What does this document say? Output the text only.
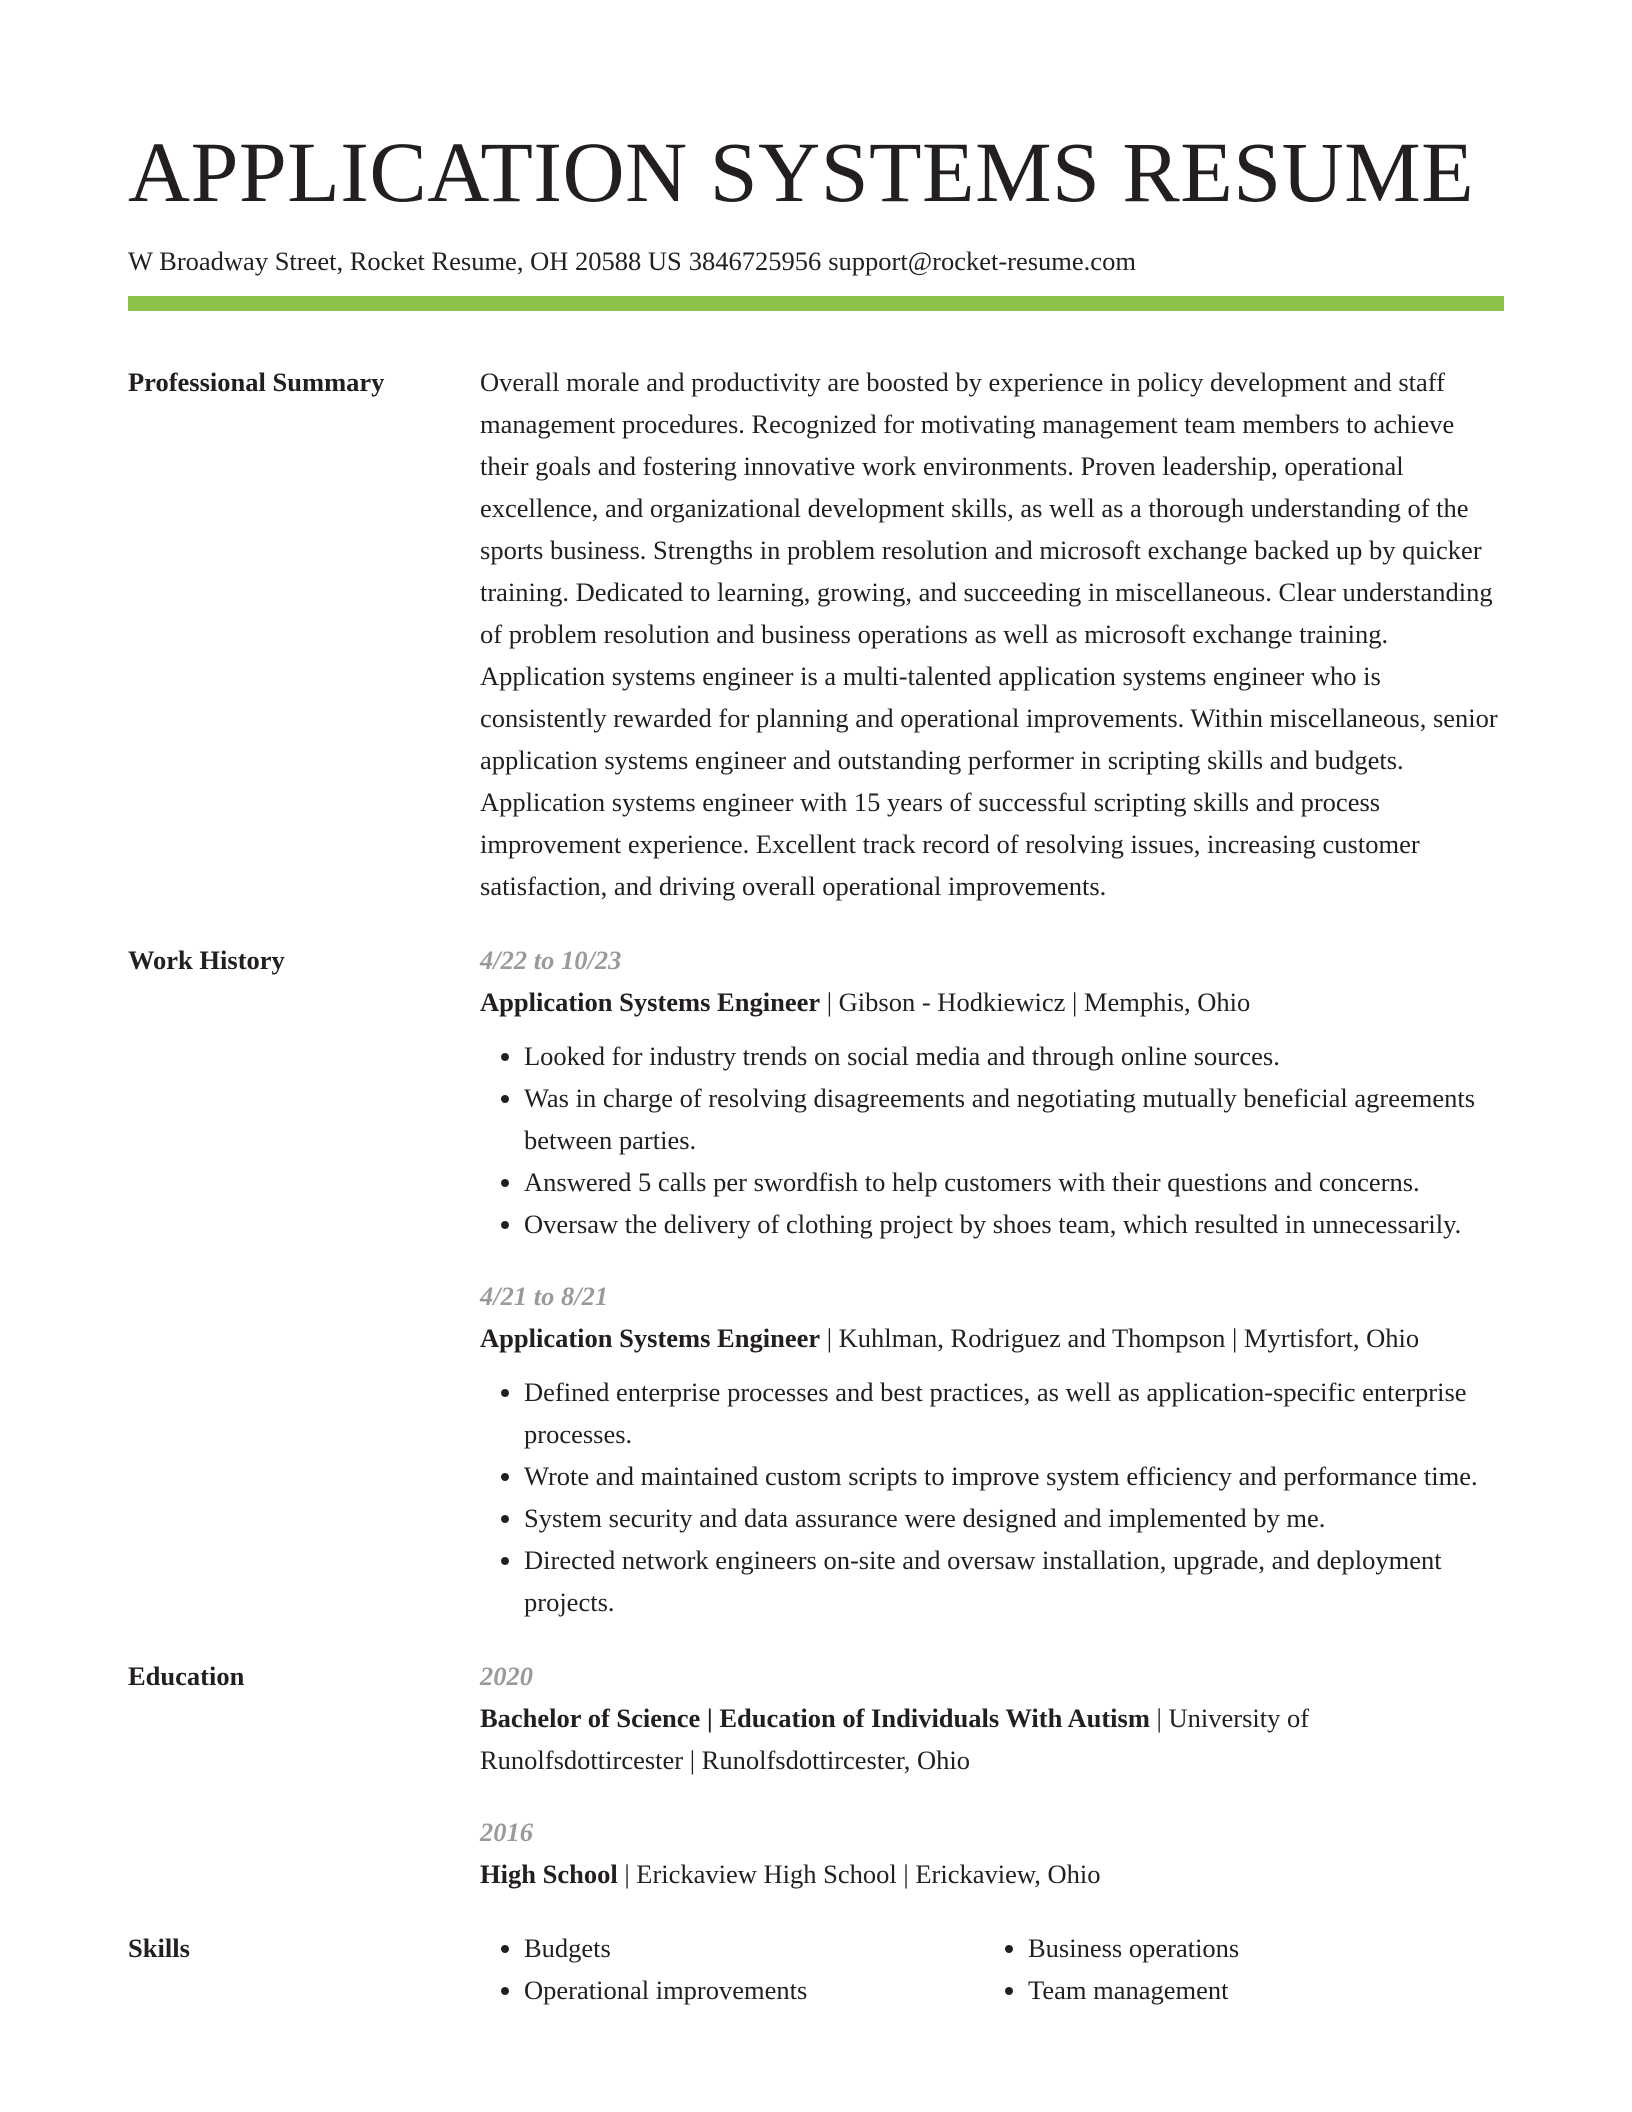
APPLICATION SYSTEMS RESUME
W Broadway Street, Rocket Resume, OH 20588 US 3846725956 support@rocket-resume.com
Professional Summary	Overall morale and productivity are boosted by experience in policy development and staff management procedures. Recognized for motivating management team members to achieve their goals and fostering innovative work environments. Proven leadership, operational excellence, and organizational development skills, as well as a thorough understanding of the sports business. Strengths in problem resolution and microsoft exchange backed up by quicker training. Dedicated to learning, growing, and succeeding in miscellaneous. Clear understanding of problem resolution and business operations as well as microsoft exchange training. Application systems engineer is a multi-talented application systems engineer who is consistently rewarded for planning and operational improvements. Within miscellaneous, senior application systems engineer and outstanding performer in scripting skills and budgets. Application systems engineer with 15 years of successful scripting skills and process improvement experience. Excellent track record of resolving issues, increasing customer satisfaction, and driving overall operational improvements.
Work History	4/22 to 10/23
Application Systems Engineer | Gibson - Hodkiewicz | Memphis, Ohio
• Looked for industry trends on social media and through online sources.
• Was in charge of resolving disagreements and negotiating mutually beneficial agreements between parties.
• Answered 5 calls per swordfish to help customers with their questions and concerns.
• Oversaw the delivery of clothing project by shoes team, which resulted in unnecessarily.
4/21 to 8/21
Application Systems Engineer | Kuhlman, Rodriguez and Thompson | Myrtisfort, Ohio
• Defined enterprise processes and best practices, as well as application-specific enterprise processes.
• Wrote and maintained custom scripts to improve system efficiency and performance time.
• System security and data assurance were designed and implemented by me.
• Directed network engineers on-site and oversaw installation, upgrade, and deployment projects.
Education	2020
Bachelor of Science | Education of Individuals With Autism | University of Runolfsdottircester | Runolfsdottircester, Ohio
2016
High School | Erickaview High School | Erickaview, Ohio
Skills
•	Budgets
• Operational improvements
• Business operations
• Team management
